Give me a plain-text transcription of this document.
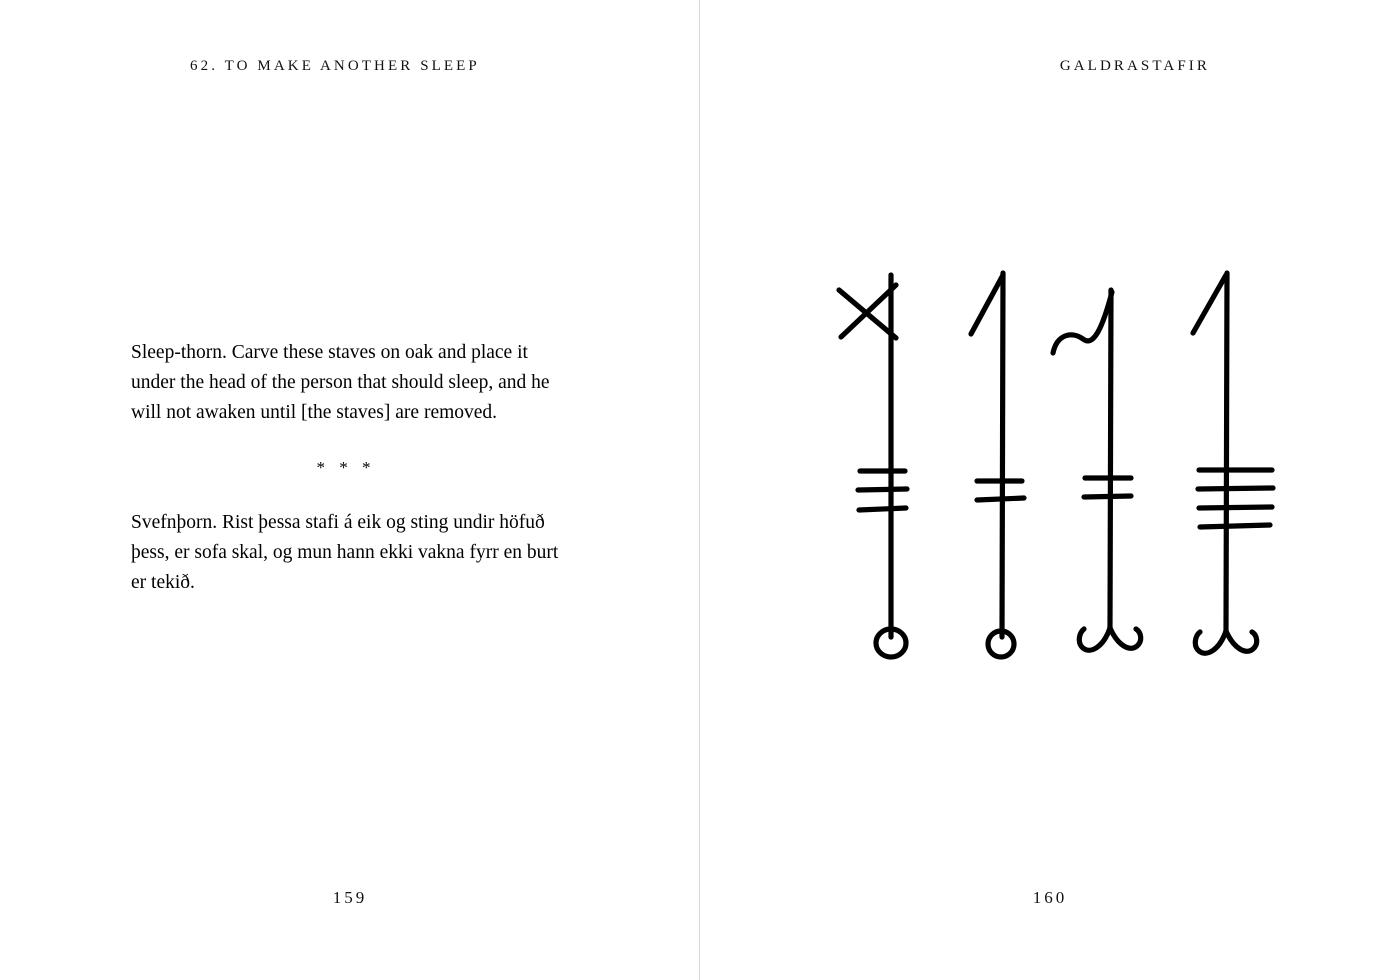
62. TO MAKE ANOTHER SLEEP

Sleep-thorn. Carve these staves on oak and place it under the head of the person that should sleep, and he will not awaken until [the staves] are removed.

* * *

Svefnþorn. Rist þessa stafi á eik og sting undir höfuð þess, er sofa skal, og mun hann ekki vakna fyrr en burt er tekið.

159
GALDRASTAFIR
160
